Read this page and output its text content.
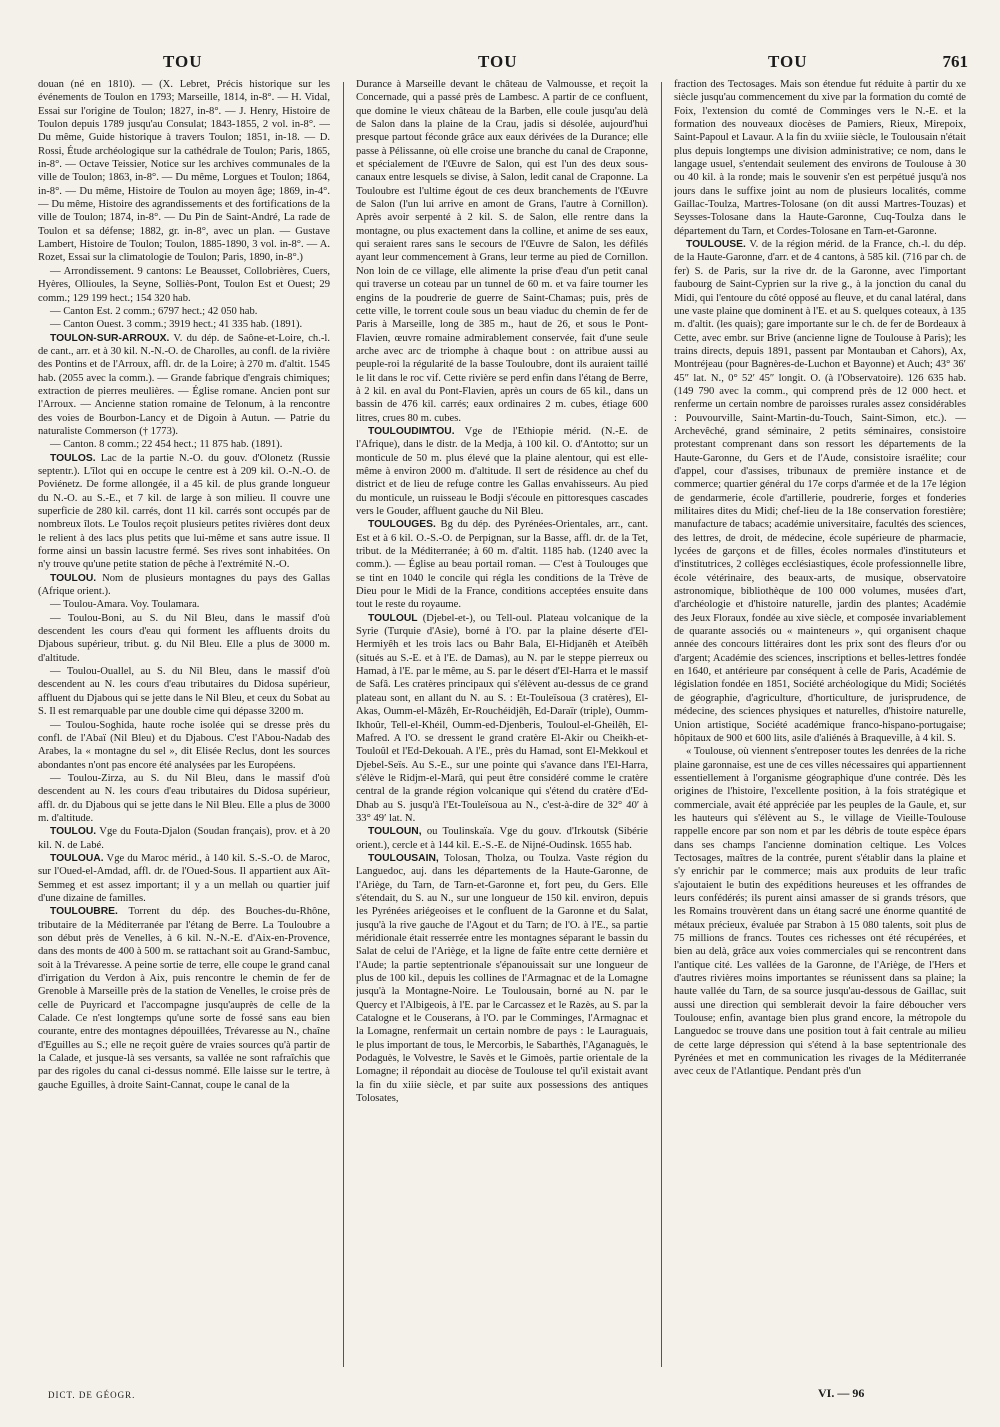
TOU	TOU	TOU	761

douan (né en 1810). — (X. Lebret, Précis historique sur les événements de Toulon en 1793; Marseille, 1814, in-8°. — H. Vidal, Essai sur l'origine de Toulon; 1827, in-8°. — J. Henry, Histoire de Toulon depuis 1789 jusqu'au Consulat; 1843-1855, 2 vol. in-8°. — Du même, Guide historique à travers Toulon; 1851, in-18. — D. Rossi, Étude archéologique sur la cathédrale de Toulon; Paris, 1865, in-8°. — Octave Teissier, Notice sur les archives communales de la ville de Toulon; 1863, in-8°. — Du même, Lorgues et Toulon; 1864, in-8°. — Du même, Histoire de Toulon au moyen âge; 1869, in-4°. — Du même, Histoire des agrandissements et des fortifications de la ville de Toulon; 1874, in-8°. — Du Pin de Saint-André, La rade de Toulon et sa défense; 1882, gr. in-8°, avec un plan. — Gustave Lambert, Histoire de Toulon; Toulon, 1885-1890, 3 vol. in-8°. — A. Rozet, Essai sur la climatologie de Toulon; Paris, 1890, in-8°.)

— Arrondissement. 9 cantons: Le Beausset, Collobrières, Cuers, Hyères, Ollioules, la Seyne, Solliès-Pont, Toulon Est et Ouest; 29 comm.; 129 199 hect.; 154 320 hab.

— Canton Est. 2 comm.; 6797 hect.; 42 050 hab.

— Canton Ouest. 3 comm.; 3919 hect.; 41 335 hab. (1891).

TOULON-SUR-ARROUX. V. du dép. de Saône-et-Loire, ch.-l. de cant., arr. et à 30 kil. N.-N.-O. de Charolles, au confl. de la rivière des Pontins et de l'Arroux, affl. dr. de la Loire; à 270 m. d'altit. 1545 hab. (2055 avec la comm.). — Grande fabrique d'engrais chimiques; extraction de pierres meulières. — Église romane. Ancien pont sur l'Arroux. — Ancienne station romaine de Telonum, à la rencontre des voies de Bourbon-Lancy et de Digoin à Autun. — Patrie du naturaliste Commerson († 1773).

— Canton. 8 comm.; 22 454 hect.; 11 875 hab. (1891).

TOULOS. Lac de la partie N.-O. du gouv. d'Olonetz (Russie septentr.). L'îlot qui en occupe le centre est à 209 kil. O.-N.-O. de Poviénetz. De forme allongée, il a 45 kil. de plus grande longueur du N.-O. au S.-E., et 7 kil. de large à son milieu. Il couvre une superficie de 280 kil. carrés, dont 11 kil. carrés sont occupés par de nombreux îlots. Le Toulos reçoit plusieurs petites rivières dont deux le relient à des lacs plus petits que lui-même et sans autre issue. Il forme ainsi un bassin lacustre fermé. Ses rives sont inhabitées. On n'y trouve qu'une petite station de pêche à l'extrémité N.-O.

TOULOU. Nom de plusieurs montagnes du pays des Gallas (Afrique orient.).

— Toulou-Amara. Voy. Toulamara.

— Toulou-Boni, au S. du Nil Bleu, dans le massif d'où descendent les cours d'eau qui forment les affluents droits du Djabous supérieur, tribut. g. du Nil Bleu. Elle a plus de 3000 m. d'altitude.

— Toulou-Ouallel, au S. du Nil Bleu, dans le massif d'où descendent au N. les cours d'eau tributaires du Didosa supérieur, affluent du Djabous qui se jette dans le Nil Bleu, et ceux du Sobat au S. Il est remarquable par une double cime qui dépasse 3200 m.

— Toulou-Soghida, haute roche isolée qui se dresse près du confl. de l'Abaï (Nil Bleu) et du Djabous. C'est l'Abou-Nadab des Arabes, la « montagne du sel », dit Elisée Reclus, dont les sources abondantes n'ont pas encore été analysées par les Européens.

— Toulou-Zirza, au S. du Nil Bleu, dans le massif d'où descendent au N. les cours d'eau tributaires du Didosa supérieur, affl. dr. du Djabous qui se jette dans le Nil Bleu. Elle a plus de 3000 m. d'altitude.

TOULOU. Vge du Fouta-Djalon (Soudan français), prov. et à 20 kil. N. de Labé.

TOULOUA. Vge du Maroc mérid., à 140 kil. S.-S.-O. de Maroc, sur l'Oued-el-Amdad, affl. dr. de l'Oued-Sous. Il appartient aux Aït-Semmeg et est assez important; il y a un mellah ou quartier juif d'une dizaine de familles.

TOULOUBRE. Torrent du dép. des Bouches-du-Rhône, tributaire de la Méditerranée par l'étang de Berre. La Touloubre a son début près de Venelles, à 6 kil. N.-N.-E. d'Aix-en-Provence, dans des monts de 400 à 500 m. se rattachant soit au Grand-Sambuc, soit à la Trévaresse. A peine sortie de terre, elle coupe le grand canal d'irrigation du Verdon à Aix, puis rencontre le chemin de fer de Grenoble à Marseille près de la station de Venelles, le croise près de celle de Puyricard et l'accompagne jusqu'auprès de celle de la Calade. Ce n'est longtemps qu'une sorte de fossé sans eau bien courante, entre des montagnes dépouillées, Trévaresse au N., chaîne d'Eguilles au S.; elle ne reçoit guère de vraies sources qu'à partir de la Calade, et jusque-là ses versants, sa vallée ne sont rafraîchis que par des rigoles du canal ci-dessus nommé. Elle laisse sur le tertre, à gauche Eguilles, à droite Saint-Cannat, coupe le canal de la

Durance à Marseille devant le château de Valmousse, et reçoit la Concernade, qui a passé près de Lambesc. A partir de ce confluent, que domine le vieux château de la Barben, elle coule jusqu'au delà de Salon dans la plaine de la Crau, jadis si désolée, aujourd'hui presque partout féconde grâce aux eaux dérivées de la Durance; elle passe à Pélissanne, où elle croise une branche du canal de Craponne, et spécialement de l'Œuvre de Salon, qui est l'un des deux sous-canaux entre lesquels se divise, à Salon, ledit canal de Craponne. La Touloubre est l'ultime égout de ces deux branchements de l'Œuvre de Salon (l'un lui arrive en amont de Grans, l'autre à Cornillon). Après avoir serpenté à 2 kil. S. de Salon, elle rentre dans la montagne, ou plus exactement dans la colline, et anime de ses eaux, qui seraient rares sans le secours de l'Œuvre de Salon, les défilés ayant leur commencement à Grans, leur terme au pied de Cornillon. Non loin de ce village, elle alimente la prise d'eau d'un petit canal qui traverse un coteau par un tunnel de 60 m. et va faire tourner les engins de la poudrerie de guerre de Saint-Chamas; puis, près de cette ville, le torrent coule sous un beau viaduc du chemin de fer de Paris à Marseille, long de 385 m., haut de 26, et sous le Pont-Flavien, œuvre romaine admirablement conservée, fait d'une seule arche avec arc de triomphe à chaque bout : on attribue aussi au peuple-roi la régularité de la basse Touloubre, dont ils auraient taillé le lit dans le roc vif. Cette rivière se perd enfin dans l'étang de Berre, à 2 kil. en aval du Pont-Flavien, après un cours de 65 kil., dans un bassin de 476 kil. carrés; eaux ordinaires 2 m. cubes, étiage 600 litres, crues 80 m. cubes.

TOULOUDIMTOU. Vge de l'Ethiopie mérid. (N.-E. de l'Afrique), dans le distr. de la Medja, à 100 kil. O. d'Antotto; sur un monticule de 50 m. plus élevé que la plaine alentour, qui est elle-même à environ 2000 m. d'altitude. Il sert de résidence au chef du district et de lieu de refuge contre les Gallas envahisseurs. Au pied du monticule, un ruisseau le Bodji s'écoule en pittoresques cascades vers le Gouder, affluent gauche du Nil Bleu.

TOULOUGES. Bg du dép. des Pyrénées-Orientales, arr., cant. Est et à 6 kil. O.-S.-O. de Perpignan, sur la Basse, affl. dr. de la Tet, tribut. de la Méditerranée; à 60 m. d'altit. 1185 hab. (1240 avec la comm.). — Église au beau portail roman. — C'est à Toulouges que se tint en 1040 le concile qui régla les conditions de la Trève de Dieu pour le Midi de la France, conditions acceptées ensuite dans tout le reste du royaume.

TOULOUL (Djebel-et-), ou Tell-oul. Plateau volcanique de la Syrie (Turquie d'Asie), borné à l'O. par la plaine déserte d'El-Hermiyêh et les trois lacs ou Bahr Bala, El-Hidjanêh et Ateïbêh (situés au S.-E. et à l'E. de Damas), au N. par le steppe pierreux ou Hamad, à l'E. par le même, au S. par le désert d'El-Harra et le massif de Safâ. Les cratères principaux qui s'élèvent au-dessus de ce grand plateau sont, en allant du N. au S. : Et-Touleïsoua (3 cratères), El-Akas, Oumm-el-Mâzêh, Er-Rouchéidjêh, Ed-Daraïr (triple), Oumm-Ikhoûr, Tell-el-Khéil, Oumm-ed-Djenberis, Touloul-el-Gheilêh, El-Mafred. A l'O. se dressent le grand cratère El-Akir ou Cheikh-et-Touloûl et l'Ed-Dekouah. A l'E., près du Hamad, sont El-Mekkoul et Djebel-Seïs. Au S.-E., sur une pointe qui s'avance dans l'El-Harra, s'élève le Ridjm-el-Marâ, qui peut être considéré comme le cratère central de la grande région volcanique qui s'étend du cratère d'Ed-Dhab au S. jusqu'à l'Et-Touleïsoua au N., c'est-à-dire de 32° 40′ à 33° 49′ lat. N.

TOULOUN, ou Toulinskaïa. Vge du gouv. d'Irkoutsk (Sibérie orient.), cercle et à 144 kil. E.-S.-E. de Nijné-Oudinsk. 1655 hab.

TOULOUSAIN, Tolosan, Tholza, ou Toulza. Vaste région du Languedoc, auj. dans les départements de la Haute-Garonne, de l'Ariège, du Tarn, de Tarn-et-Garonne et, fort peu, du Gers. Elle s'étendait, du S. au N., sur une longueur de 150 kil. environ, depuis les Pyrénées ariégeoises et le confluent de la Garonne et du Salat, jusqu'à la rive gauche de l'Agout et du Tarn; de l'O. à l'E., sa partie méridionale était resserrée entre les montagnes séparant le bassin du Salat de celui de l'Ariège, et la ligne de faîte entre cette dernière et l'Aude; la partie septentrionale s'épanouissait sur une longueur de plus de 100 kil., depuis les collines de l'Armagnac et de la Lomagne jusqu'à la Montagne-Noire. Le Toulousain, borné au N. par le Quercy et l'Albigeois, à l'E. par le Carcassez et le Razès, au S. par la Catalogne et le Couserans, à l'O. par le Comminges, l'Armagnac et la Lomagne, renfermait un certain nombre de pays : le Lauraguais, le plus important de tous, le Mercorbis, le Sabarthès, l'Aganaguès, le Podaguès, le Volvestre, le Savès et le Gimoès, partie orientale de la Lomagne; il répondait au diocèse de Toulouse tel qu'il existait avant la fin du xiiie siècle, et par suite aux possessions des antiques Tolosates,

fraction des Tectosages. Mais son étendue fut réduite à partir du xe siècle jusqu'au commencement du xive par la formation du comté de Foix, l'extension du comté de Comminges vers le N.-E. et la formation des nouveaux diocèses de Pamiers, Rieux, Mirepoix, Saint-Papoul et Lavaur. A la fin du xviiie siècle, le Toulousain n'était plus depuis longtemps une division administrative; ce nom, dans le langage usuel, s'entendait seulement des environs de Toulouse à 30 ou 40 kil. à la ronde; mais le souvenir s'en est perpétué jusqu'à nos jours dans le suffixe joint au nom de plusieurs localités, comme Gaillac-Toulza, Martres-Tolosane (on dit aussi Martres-Touzas) et Seysses-Tolosane dans la Haute-Garonne, Cuq-Toulza dans le département du Tarn, et Cordes-Tolosane en Tarn-et-Garonne.

TOULOUSE. V. de la région mérid. de la France, ch.-l. du dép. de la Haute-Garonne, d'arr. et de 4 cantons, à 585 kil. (716 par ch. de fer) S. de Paris, sur la rive dr. de la Garonne, avec l'important faubourg de Saint-Cyprien sur la rive g., à la jonction du canal du Midi, qui l'entoure du côté opposé au fleuve, et du canal latéral, dans une vaste plaine que dominent à l'E. et au S. quelques coteaux, à 135 m. d'altit. (les quais); gare importante sur le ch. de fer de Bordeaux à Cette, avec embr. sur Brive (ancienne ligne de Toulouse à Paris); les trains directs, depuis 1891, passent par Montauban et Cahors), Ax, Montréjeau (pour Bagnères-de-Luchon et Bayonne) et Auch; 43° 36′ 45″ lat. N., 0° 52′ 45″ longit. O. (à l'Observatoire). 126 635 hab. (149 790 avec la comm., qui comprend près de 12 000 hect. et renferme un certain nombre de paroisses rurales assez considérables : Pouvourville, Saint-Martin-du-Touch, Saint-Simon, etc.). — Archevêché, grand séminaire, 2 petits séminaires, consistoire protestant comprenant dans son ressort les départements de la Haute-Garonne, du Gers et de l'Aude, consistoire israélite; cour d'appel, cour d'assises, tribunaux de première instance et de commerce; quartier général du 17e corps d'armée et de la 17e légion de gendarmerie, école d'artillerie, poudrerie, forges et fonderies militaires dites du Midi; chef-lieu de la 18e conservation forestière; manufacture de tabacs; académie universitaire, facultés des sciences, des lettres, de droit, de médecine, école supérieure de pharmacie, lycées de garçons et de filles, écoles normales d'instituteurs et d'institutrices, 2 collèges ecclésiastiques, école professionnelle libre, école vétérinaire, des beaux-arts, de musique, observatoire astronomique, bibliothèque de 100 000 volumes, musées d'art, d'archéologie et d'histoire naturelle, jardin des plantes; Académie des Jeux Floraux, fondée au xive siècle, et composée invariablement de quarante associés ou « mainteneurs », qui organisent chaque année des concours littéraires dont les prix sont des fleurs d'or ou d'argent; Académie des sciences, inscriptions et belles-lettres fondée en 1640, et antérieure par conséquent à celle de Paris, Académie de législation fondée en 1851, Société archéologique du Midi; Sociétés de géographie, d'agriculture, d'horticulture, de jurisprudence, de médecine, des sciences physiques et naturelles, d'histoire naturelle, Union artistique, Société académique franco-hispano-portugaise; hôpitaux de 900 et 600 lits, asile d'aliénés à Braqueville, à 4 kil. S.

« Toulouse, où viennent s'entreposer toutes les denrées de la riche plaine garonnaise, est une de ces villes nécessaires qui appartiennent essentiellement à l'organisme géographique d'une contrée. Dès les origines de l'histoire, l'excellente position, à la fois stratégique et commerciale, avait été appréciée par les peuples de la Gaule, et, sur les hauteurs qui s'élèvent au S., le village de Vieille-Toulouse rappelle encore par son nom et par les débris de toute espèce épars dans ses champs l'ancienne domination celtique. Les Volces Tectosages, maîtres de la contrée, purent s'établir dans la plaine et s'y enrichir par le commerce; mais aux produits de leur trafic s'ajoutaient le butin des expéditions heureuses et les offrandes de leurs confédérés; ils purent ainsi amasser de si grands trésors, que les Romains trouvèrent dans un étang sacré une énorme quantité de métaux précieux, évaluée par Strabon à 15 080 talents, soit plus de 75 millions de francs. Toutes ces richesses ont été récupérées, et bien au delà, grâce aux voies commerciales qui se rencontrent dans l'antique cité. Les vallées de la Garonne, de l'Ariège, de l'Hers et d'autres rivières moins importantes se réunissent dans sa plaine; la haute vallée du Tarn, de sa source jusqu'au-dessous de Gaillac, suit aussi une direction qui semblerait devoir la faire déboucher vers Toulouse; enfin, avantage bien plus grand encore, la métropole du Languedoc se trouve dans une position tout à fait centrale au milieu de cette large dépression qui s'étend à la base septentrionale des Pyrénées et met en communication les rivages de la Méditerranée avec ceux de l'Atlantique. Pendant près d'un

DICT. DE GÉOGR.	VI. — 96
